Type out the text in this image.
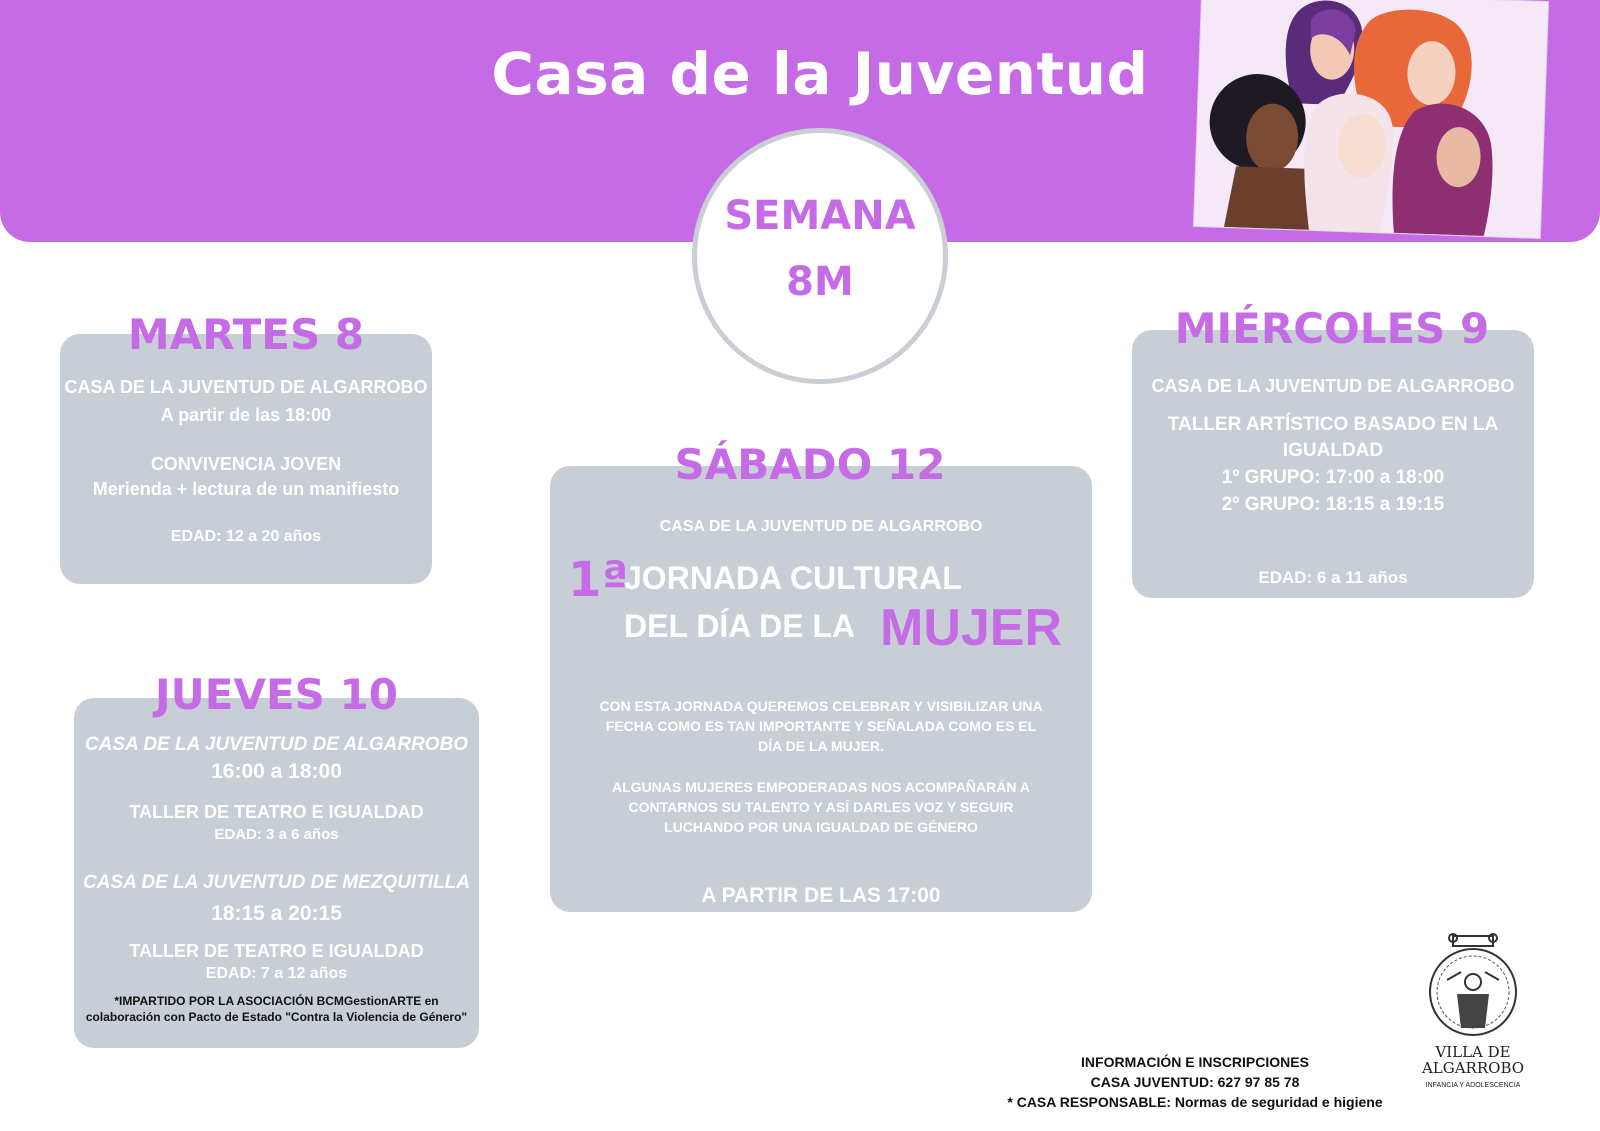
Casa de la Juventud
SEMANA
8M
CASA DE LA JUVENTUD DE ALGARROBO
A partir de las 18:00
CONVIVENCIA JOVEN
Merienda + lectura de un manifiesto
EDAD: 12 a 20 años
MARTES 8
CASA DE LA JUVENTUD DE ALGARROBO
16:00 a 18:00
TALLER DE TEATRO E IGUALDAD
EDAD: 3 a 6 años
CASA DE LA JUVENTUD DE MEZQUITILLA
18:15 a 20:15
TALLER DE TEATRO E IGUALDAD
EDAD: 7 a 12 años
*IMPARTIDO POR LA ASOCIACIÓN BCMGestionARTE en
colaboración con Pacto de Estado "Contra la Violencia de Género"
JUEVES 10
CASA DE LA JUVENTUD DE ALGARROBO
1ª
JORNADA CULTURAL
DEL DÍA DE LA MUJER
CON ESTA JORNADA QUEREMOS CELEBRAR Y VISIBILIZAR UNA
FECHA COMO ES TAN IMPORTANTE Y SEÑALADA COMO ES EL
DÍA DE LA MUJER.
ALGUNAS MUJERES EMPODERADAS NOS ACOMPAÑARÁN A
CONTARNOS SU TALENTO Y ASÍ DARLES VOZ Y SEGUIR
LUCHANDO POR UNA IGUALDAD DE GÉNERO
A PARTIR DE LAS 17:00
SÁBADO 12
CASA DE LA JUVENTUD DE ALGARROBO
TALLER ARTÍSTICO BASADO EN LA
IGUALDAD
1º GRUPO: 17:00 a 18:00
2º GRUPO: 18:15 a 19:15
EDAD: 6 a 11 años
MIÉRCOLES 9
INFORMACIÓN E INSCRIPCIONES
CASA JUVENTUD: 627 97 85 78
* CASA RESPONSABLE: Normas de seguridad e higiene
VILLA DE
ALGARROBO
INFANCIA Y ADOLESCENCIA
